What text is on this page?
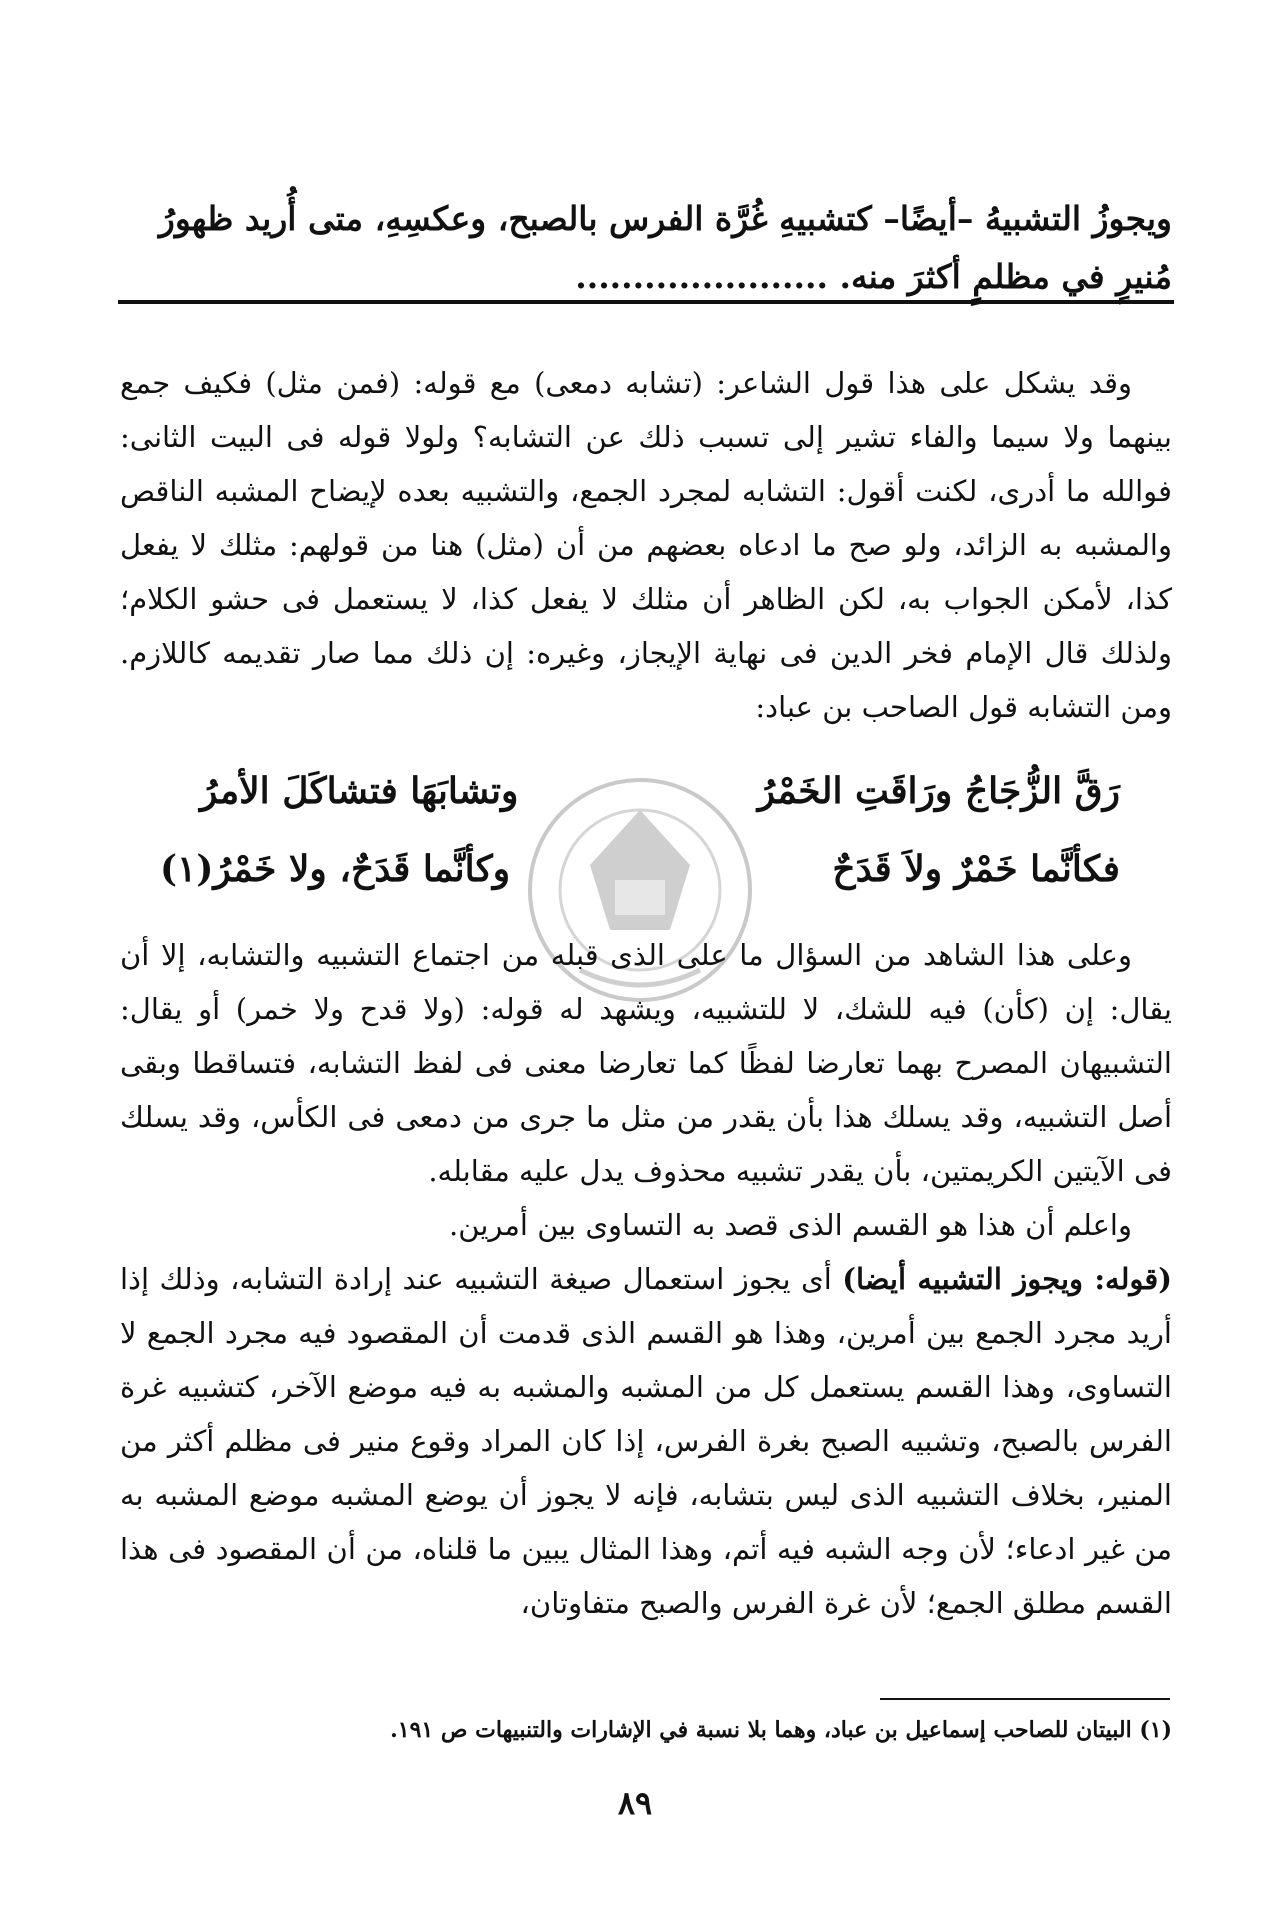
ويجوزُ التشبيهُ –أيضًا– كتشبيهِ غُرَّة الفرس بالصبح، وعكسِهِ، متى أُريد ظهورُ
مُنيرٍ في مظلمٍ أكثرَ منه. ......................

وقد يشكل على هذا قول الشاعر: (تشابه دمعى) مع قوله: (فمن مثل) فكيف جمع بينهما ولا سيما والفاء تشير إلى تسبب ذلك عن التشابه؟ ولولا قوله فى البيت الثانى: فوالله ما أدرى، لكنت أقول: التشابه لمجرد الجمع، والتشبيه بعده لإيضاح المشبه الناقص والمشبه به الزائد، ولو صح ما ادعاه بعضهم من أن (مثل) هنا من قولهم: مثلك لا يفعل كذا، لأمكن الجواب به، لكن الظاهر أن مثلك لا يفعل كذا، لا يستعمل فى حشو الكلام؛ ولذلك قال الإمام فخر الدين فى نهاية الإيجاز، وغيره: إن ذلك مما صار تقديمه كاللازم. ومن التشابه قول الصاحب بن عباد:

رَقَّ الزُّجَاجُ ورَاقَتِ الخَمْرُ
وتشابَهَا فتشاكَلَ الأمرُ
فكأنَّما خَمْرٌ ولاَ قَدَحٌ
وكأنَّما قَدَحٌ، ولا خَمْرُ(١)

وعلى هذا الشاهد من السؤال ما على الذى قبله من اجتماع التشبيه والتشابه، إلا أن يقال: إن (كأن) فيه للشك، لا للتشبيه، ويشهد له قوله: (ولا قدح ولا خمر) أو يقال: التشبيهان المصرح بهما تعارضا لفظًا كما تعارضا معنى فى لفظ التشابه، فتساقطا وبقى أصل التشبيه، وقد يسلك هذا بأن يقدر من مثل ما جرى من دمعى فى الكأس، وقد يسلك فى الآيتين الكريمتين، بأن يقدر تشبيه محذوف يدل عليه مقابله.

واعلم أن هذا هو القسم الذى قصد به التساوى بين أمرين.

(قوله: ويجوز التشبيه أيضا) أى يجوز استعمال صيغة التشبيه عند إرادة التشابه، وذلك إذا أريد مجرد الجمع بين أمرين، وهذا هو القسم الذى قدمت أن المقصود فيه مجرد الجمع لا التساوى، وهذا القسم يستعمل كل من المشبه والمشبه به فيه موضع الآخر، كتشبيه غرة الفرس بالصبح، وتشبيه الصبح بغرة الفرس، إذا كان المراد وقوع منير فى مظلم أكثر من المنير، بخلاف التشبيه الذى ليس بتشابه، فإنه لا يجوز أن يوضع المشبه موضع المشبه به من غير ادعاء؛ لأن وجه الشبه فيه أتم، وهذا المثال يبين ما قلناه، من أن المقصود فى هذا القسم مطلق الجمع؛ لأن غرة الفرس والصبح متفاوتان،

(١) البيتان للصاحب إسماعيل بن عباد، وهما بلا نسبة في الإشارات والتنبيهات ص ١٩١.
٨٩
